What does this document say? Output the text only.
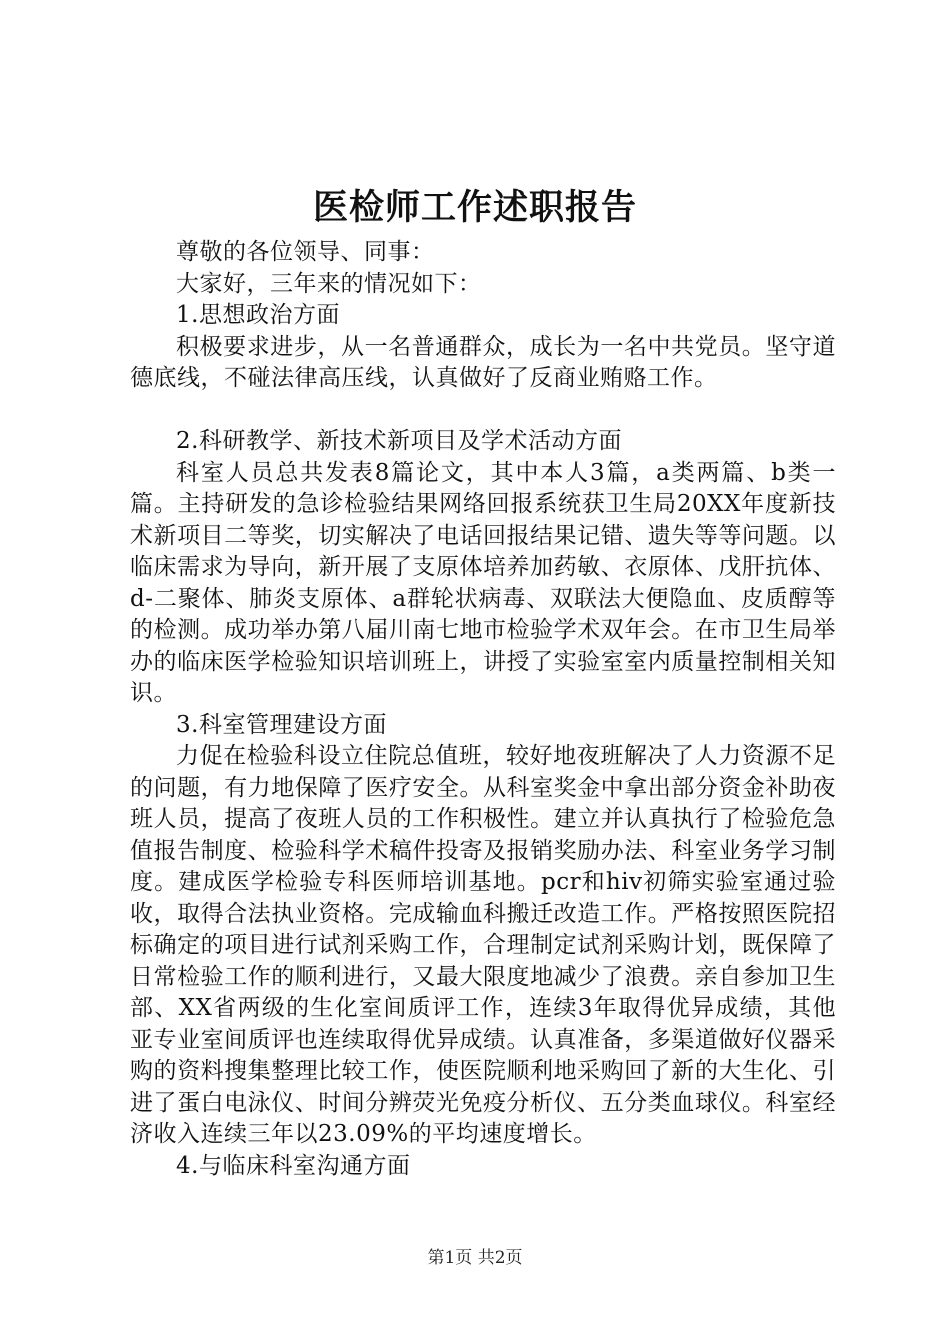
医检师工作述职报告

尊敬的各位领导、同事：

大家好，三年来的情况如下：

1.思想政治方面

积极要求进步，从一名普通群众，成长为一名中共党员。坚守道德底线，不碰法律高压线，认真做好了反商业贿赂工作。

2.科研教学、新技术新项目及学术活动方面

科室人员总共发表8篇论文，其中本人3篇，a类两篇、b类一篇。主持研发的急诊检验结果网络回报系统获卫生局20XX年度新技术新项目二等奖，切实解决了电话回报结果记错、遗失等等问题。以临床需求为导向，新开展了支原体培养加药敏、衣原体、戊肝抗体、d-二聚体、肺炎支原体、a群轮状病毒、双联法大便隐血、皮质醇等的检测。成功举办第八届川南七地市检验学术双年会。在市卫生局举办的临床医学检验知识培训班上，讲授了实验室室内质量控制相关知识。

3.科室管理建设方面

力促在检验科设立住院总值班，较好地夜班解决了人力资源不足的问题，有力地保障了医疗安全。从科室奖金中拿出部分资金补助夜班人员，提高了夜班人员的工作积极性。建立并认真执行了检验危急值报告制度、检验科学术稿件投寄及报销奖励办法、科室业务学习制度。建成医学检验专科医师培训基地。pcr和hiv初筛实验室通过验收，取得合法执业资格。完成输血科搬迁改造工作。严格按照医院招标确定的项目进行试剂采购工作，合理制定试剂采购计划，既保障了日常检验工作的顺利进行，又最大限度地减少了浪费。亲自参加卫生部、XX省两级的生化室间质评工作，连续3年取得优异成绩，其他亚专业室间质评也连续取得优异成绩。认真准备，多渠道做好仪器采购的资料搜集整理比较工作，使医院顺利地采购回了新的大生化、引进了蛋白电泳仪、时间分辨荧光免疫分析仪、五分类血球仪。科室经济收入连续三年以23.09%的平均速度增长。

4.与临床科室沟通方面

第1页 共2页
